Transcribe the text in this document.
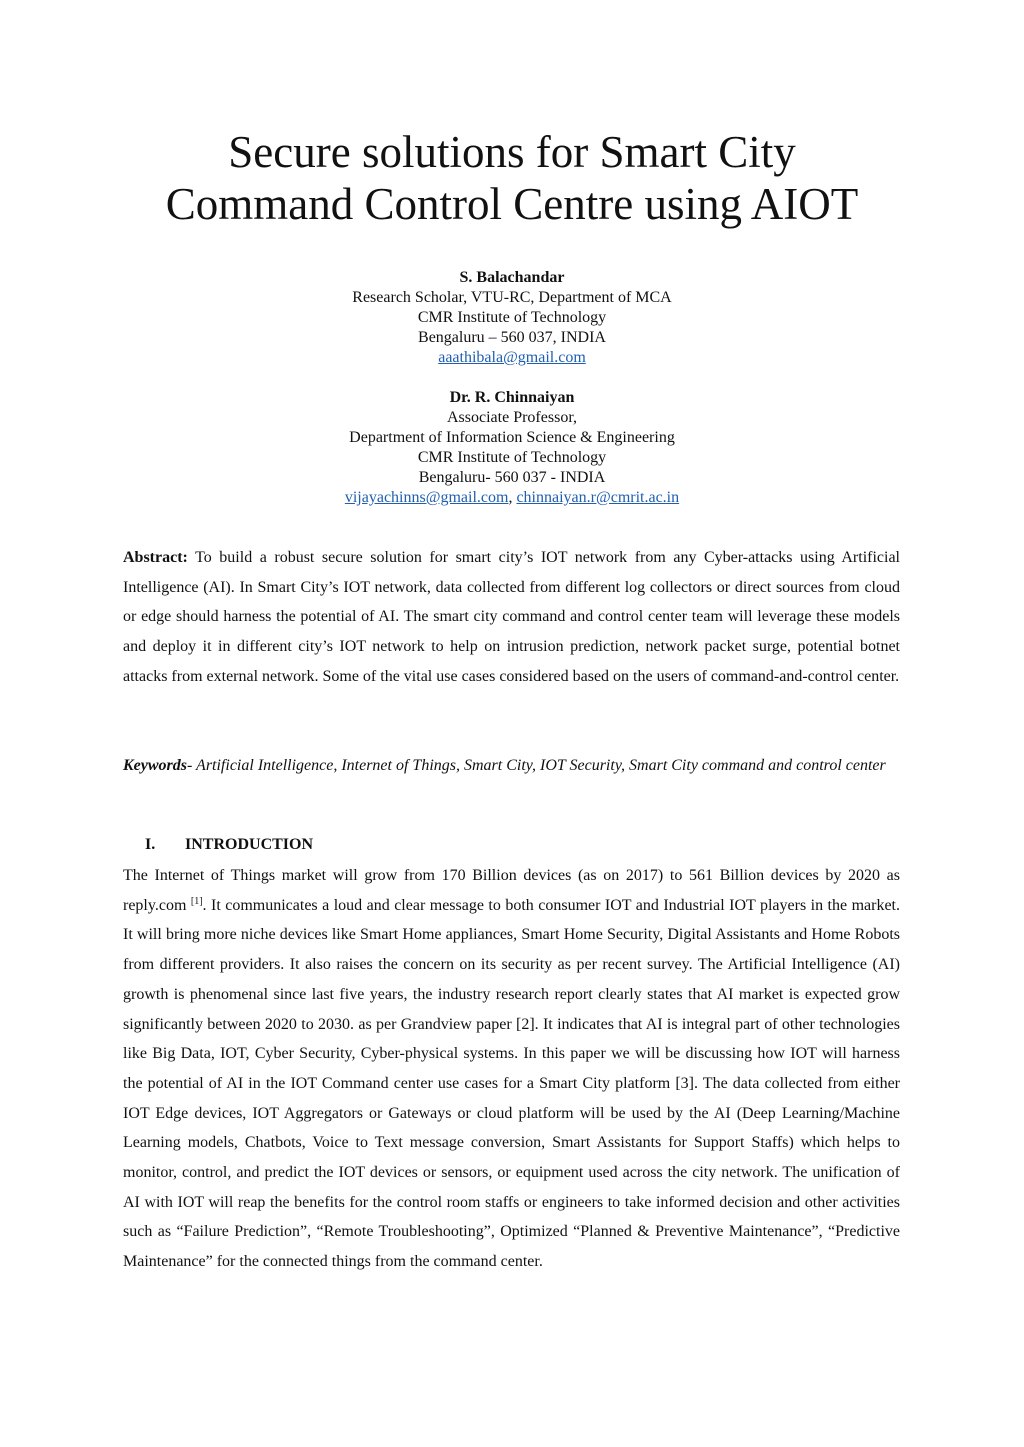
Secure solutions for Smart City
Command Control Centre using AIOT
S. Balachandar
Research Scholar, VTU-RC, Department of MCA
CMR Institute of Technology
Bengaluru – 560 037, INDIA
aaathibala@gmail.com
Dr. R. Chinnaiyan
Associate Professor,
Department of Information Science & Engineering
CMR Institute of Technology
Bengaluru- 560 037 - INDIA
vijayachinns@gmail.com, chinnaiyan.r@cmrit.ac.in

Abstract: To build a robust secure solution for smart city’s IOT network from any Cyber-attacks using Artificial Intelligence (AI). In Smart City’s IOT network, data collected from different log collectors or direct sources from cloud or edge should harness the potential of AI. The smart city command and control center team will leverage these models and deploy it in different city’s IOT network to help on intrusion prediction, network packet surge, potential botnet attacks from external network. Some of the vital use cases considered based on the users of command-and-control center.

Keywords- Artificial Intelligence, Internet of Things, Smart City, IOT Security, Smart City command and control center

I. INTRODUCTION

The Internet of Things market will grow from 170 Billion devices (as on 2017) to 561 Billion devices by 2020 as reply.com [1]. It communicates a loud and clear message to both consumer IOT and Industrial IOT players in the market. It will bring more niche devices like Smart Home appliances, Smart Home Security, Digital Assistants and Home Robots from different providers. It also raises the concern on its security as per recent survey. The Artificial Intelligence (AI) growth is phenomenal since last five years, the industry research report clearly states that AI market is expected grow significantly between 2020 to 2030. as per Grandview paper [2]. It indicates that AI is integral part of other technologies like Big Data, IOT, Cyber Security, Cyber-physical systems. In this paper we will be discussing how IOT will harness the potential of AI in the IOT Command center use cases for a Smart City platform [3]. The data collected from either IOT Edge devices, IOT Aggregators or Gateways or cloud platform will be used by the AI (Deep Learning/Machine Learning models, Chatbots, Voice to Text message conversion, Smart Assistants for Support Staffs) which helps to monitor, control, and predict the IOT devices or sensors, or equipment used across the city network. The unification of AI with IOT will reap the benefits for the control room staffs or engineers to take informed decision and other activities such as “Failure Prediction”, “Remote Troubleshooting”, Optimized “Planned & Preventive Maintenance”, “Predictive Maintenance” for the connected things from the command center.
